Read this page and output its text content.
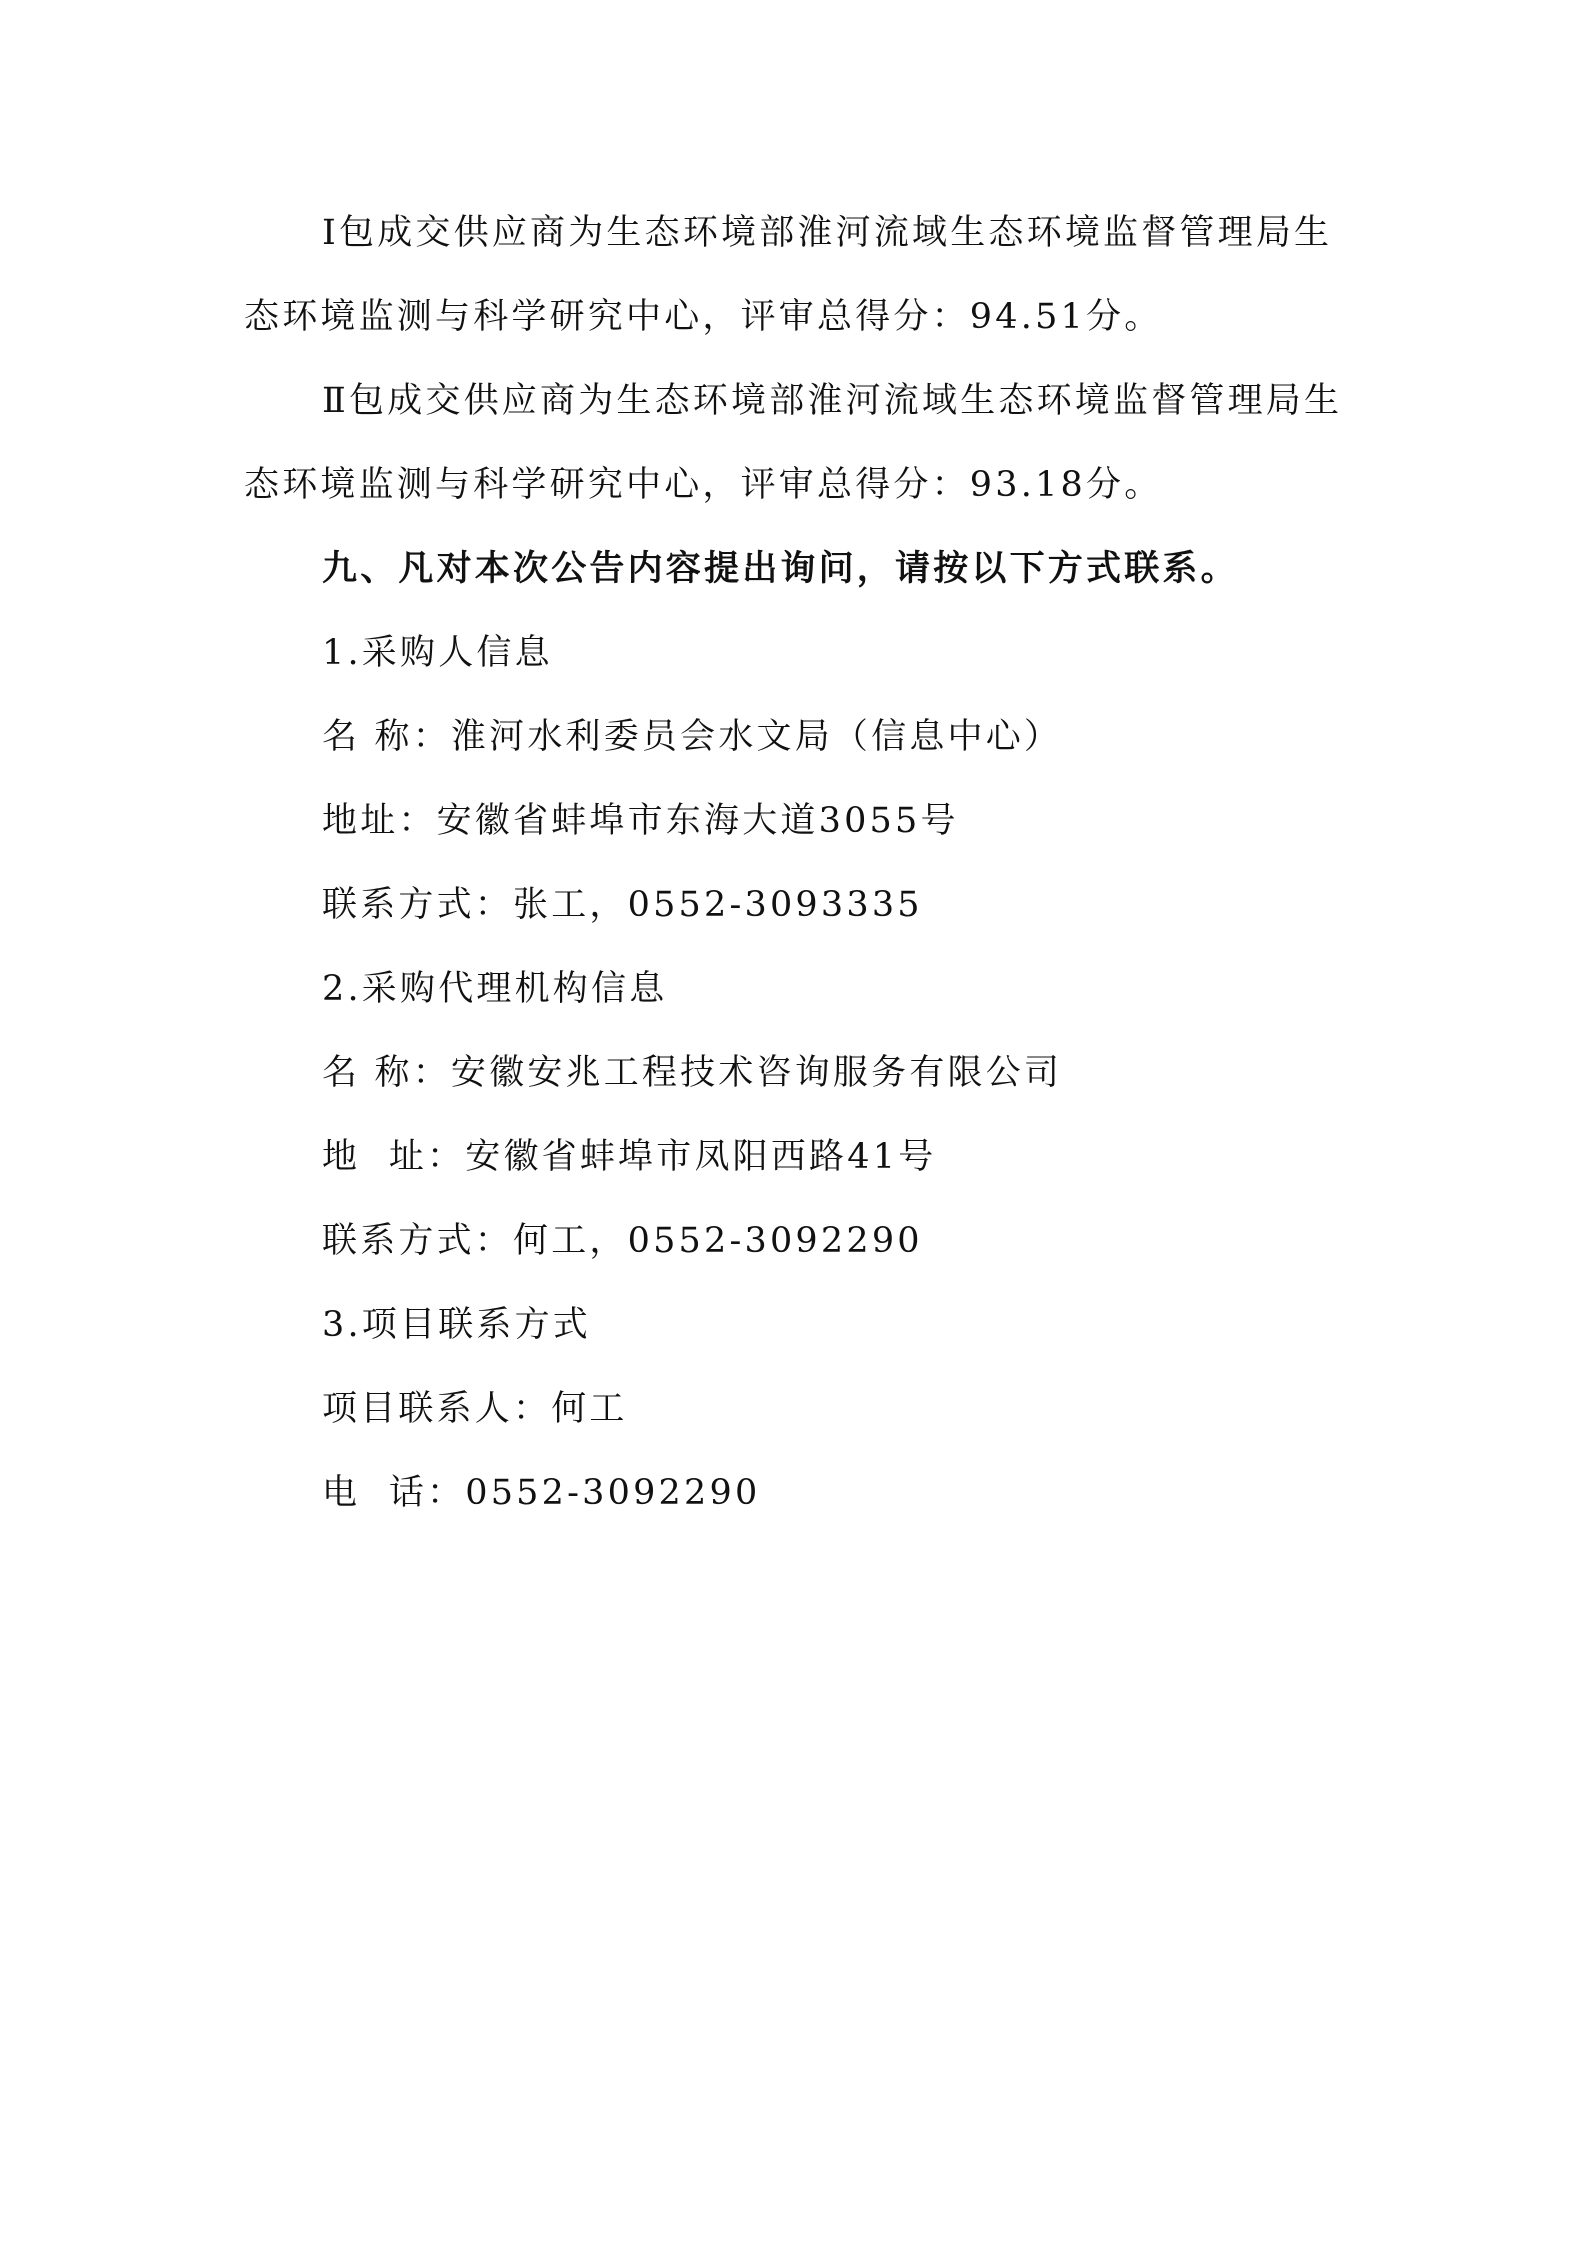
Ⅰ包成交供应商为生态环境部淮河流域生态环境监督管理局生
态环境监测与科学研究中心，评审总得分：94.51分。
Ⅱ包成交供应商为生态环境部淮河流域生态环境监督管理局生
态环境监测与科学研究中心，评审总得分：93.18分。
九、凡对本次公告内容提出询问，请按以下方式联系。
1.采购人信息
名 称：淮河水利委员会水文局（信息中心）
地址：安徽省蚌埠市东海大道3055号
联系方式：张工，0552-3093335
2.采购代理机构信息
名 称：安徽安兆工程技术咨询服务有限公司
地  址：安徽省蚌埠市凤阳西路41号
联系方式：何工，0552-3092290
3.项目联系方式
项目联系人：何工
电  话：0552-3092290
